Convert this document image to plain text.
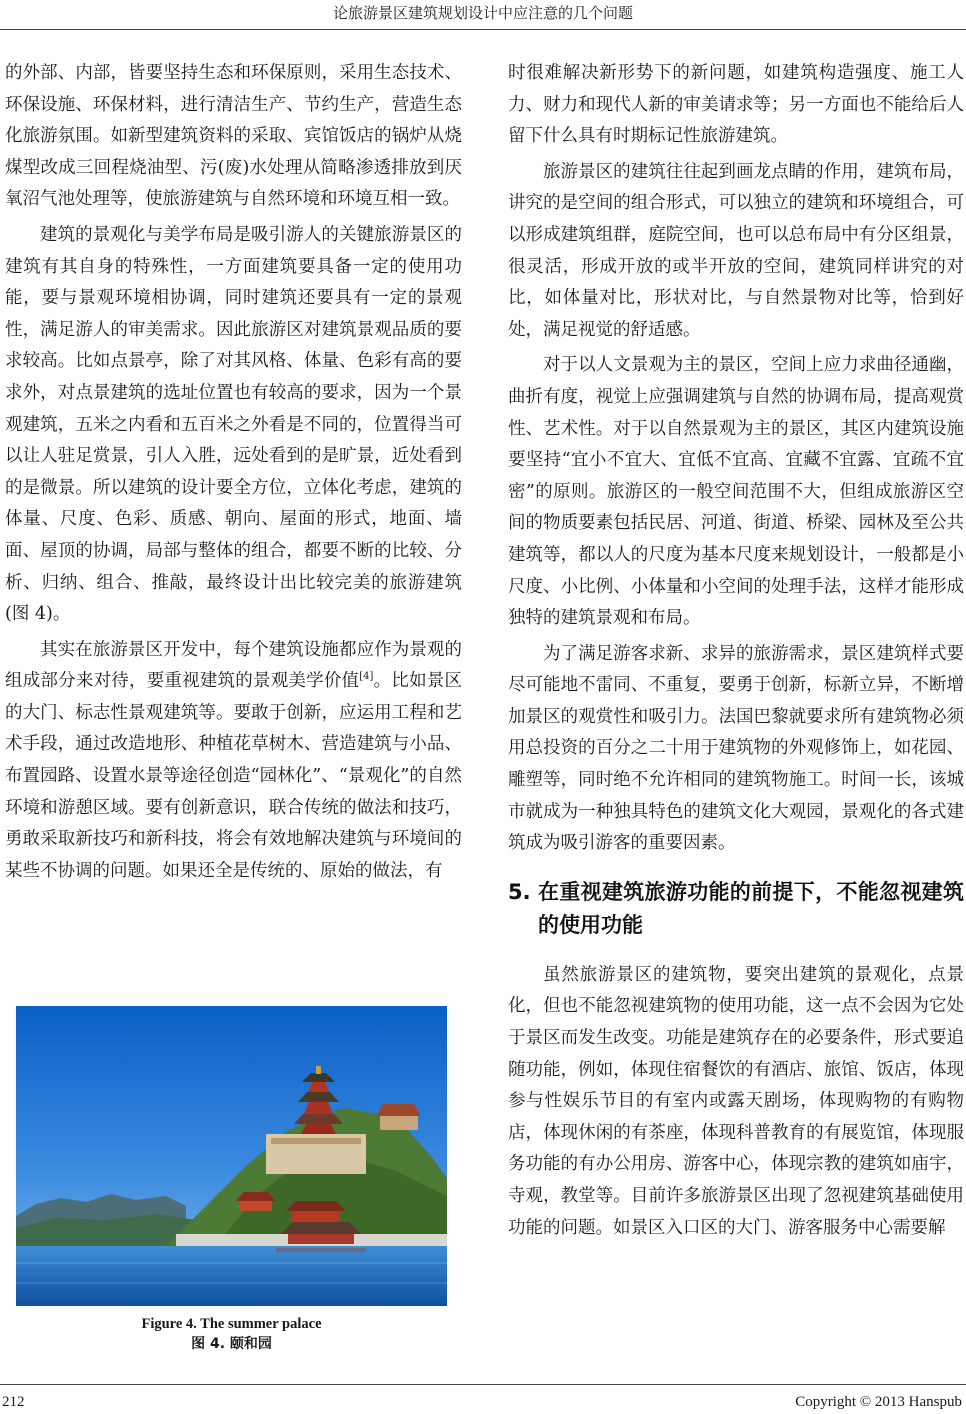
论旅游景区建筑规划设计中应注意的几个问题

的外部、内部，皆要坚持生态和环保原则，采用生态技术、环保设施、环保材料，进行清洁生产、节约生产，营造生态化旅游氛围。如新型建筑资料的采取、宾馆饭店的锅炉从烧煤型改成三回程烧油型、污(废)水处理从简略渗透排放到厌氧沼气池处理等，使旅游建筑与自然环境和环境互相一致。

建筑的景观化与美学布局是吸引游人的关键旅游景区的建筑有其自身的特殊性，一方面建筑要具备一定的使用功能，要与景观环境相协调，同时建筑还要具有一定的景观性，满足游人的审美需求。因此旅游区对建筑景观品质的要求较高。比如点景亭，除了对其风格、体量、色彩有高的要求外，对点景建筑的选址位置也有较高的要求，因为一个景观建筑，五米之内看和五百米之外看是不同的，位置得当可以让人驻足赏景，引人入胜，远处看到的是旷景，近处看到的是微景。所以建筑的设计要全方位，立体化考虑，建筑的体量、尺度、色彩、质感、朝向、屋面的形式，地面、墙面、屋顶的协调，局部与整体的组合，都要不断的比较、分析、归纳、组合、推敲，最终设计出比较完美的旅游建筑(图 4)。

其实在旅游景区开发中，每个建筑设施都应作为景观的组成部分来对待，要重视建筑的景观美学价值[4]。比如景区的大门、标志性景观建筑等。要敢于创新，应运用工程和艺术手段，通过改造地形、种植花草树木、营造建筑与小品、布置园路、设置水景等途径创造“园林化”、“景观化”的自然环境和游憩区域。要有创新意识，联合传统的做法和技巧，勇敢采取新技巧和新科技，将会有效地解决建筑与环境间的某些不协调的问题。如果还全是传统的、原始的做法，有

Figure 4. The summer palace
图 4. 颐和园

时很难解决新形势下的新问题，如建筑构造强度、施工人力、财力和现代人新的审美请求等；另一方面也不能给后人留下什么具有时期标记性旅游建筑。

旅游景区的建筑往往起到画龙点睛的作用，建筑布局，讲究的是空间的组合形式，可以独立的建筑和环境组合，可以形成建筑组群，庭院空间，也可以总布局中有分区组景，很灵活，形成开放的或半开放的空间，建筑同样讲究的对比，如体量对比，形状对比，与自然景物对比等，恰到好处，满足视觉的舒适感。

对于以人文景观为主的景区，空间上应力求曲径通幽，曲折有度，视觉上应强调建筑与自然的协调布局，提高观赏性、艺术性。对于以自然景观为主的景区，其区内建筑设施要坚持“宜小不宜大、宜低不宜高、宜藏不宜露、宜疏不宜密”的原则。旅游区的一般空间范围不大，但组成旅游区空间的物质要素包括民居、河道、街道、桥梁、园林及至公共建筑等，都以人的尺度为基本尺度来规划设计，一般都是小尺度、小比例、小体量和小空间的处理手法，这样才能形成独特的建筑景观和布局。

为了满足游客求新、求异的旅游需求，景区建筑样式要尽可能地不雷同、不重复，要勇于创新，标新立异，不断增加景区的观赏性和吸引力。法国巴黎就要求所有建筑物必须用总投资的百分之二十用于建筑物的外观修饰上，如花园、雕塑等，同时绝不允许相同的建筑物施工。时间一长，该城市就成为一种独具特色的建筑文化大观园，景观化的各式建筑成为吸引游客的重要因素。

5. 在重视建筑旅游功能的前提下，不能忽视建筑的使用功能

虽然旅游景区的建筑物，要突出建筑的景观化，点景化，但也不能忽视建筑物的使用功能，这一点不会因为它处于景区而发生改变。功能是建筑存在的必要条件，形式要追随功能，例如，体现住宿餐饮的有酒店、旅馆、饭店，体现参与性娱乐节目的有室内或露天剧场，体现购物的有购物店，体现休闲的有茶座，体现科普教育的有展览馆，体现服务功能的有办公用房、游客中心，体现宗教的建筑如庙宇，寺观，教堂等。目前许多旅游景区出现了忽视建筑基础使用功能的问题。如景区入口区的大门、游客服务中心需要解

212	Copyright © 2013 Hanspub
